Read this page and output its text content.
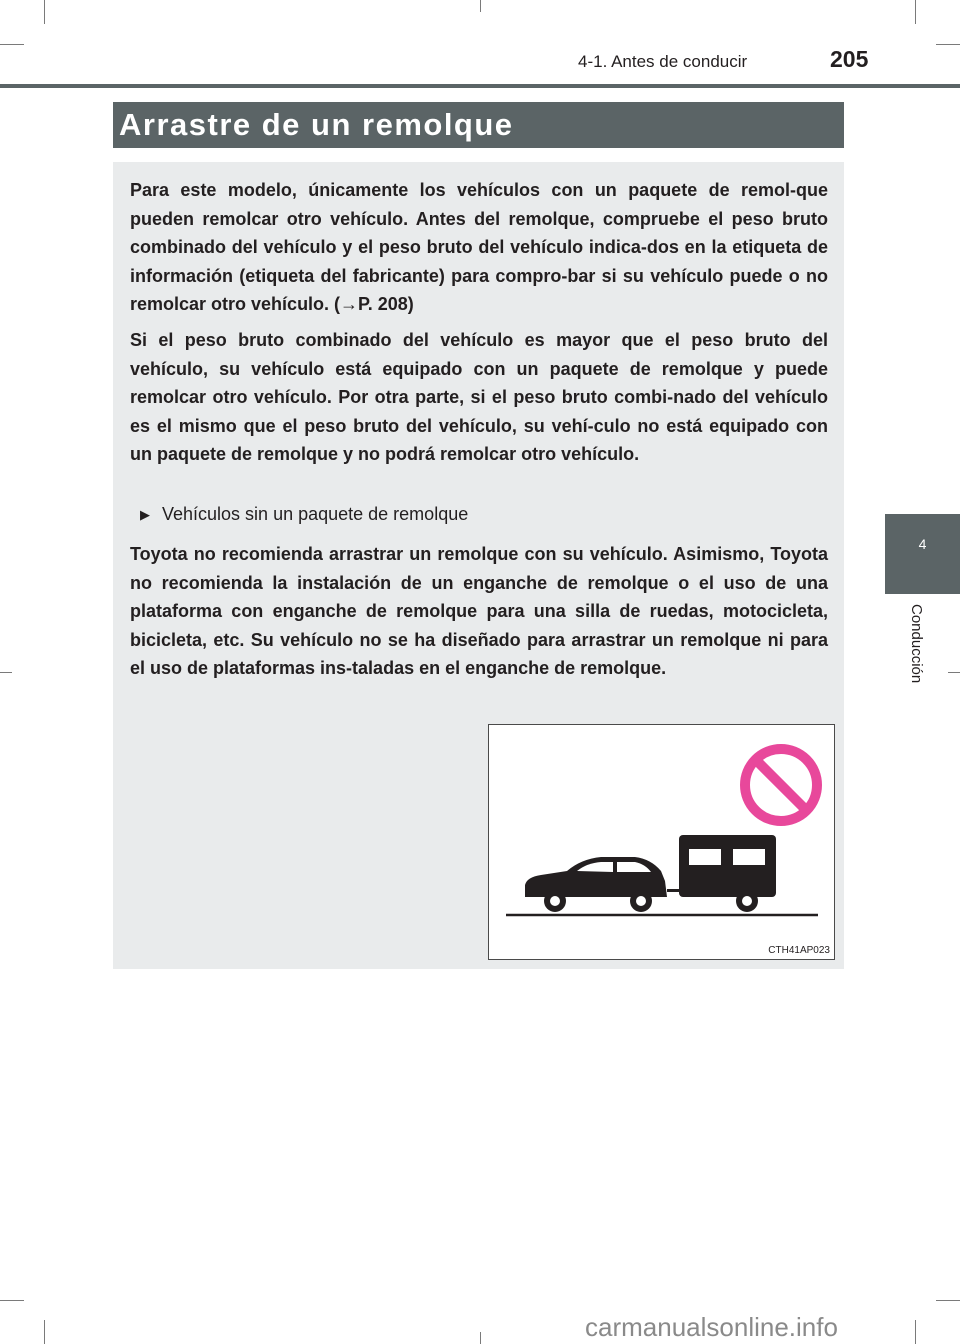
4-1. Antes de conducir	205
Arrastre de un remolque

Para este modelo, únicamente los vehículos con un paquete de remol-que pueden remolcar otro vehículo. Antes del remolque, compruebe el peso bruto combinado del vehículo y el peso bruto del vehículo indica-dos en la etiqueta de información (etiqueta del fabricante) para compro-bar si su vehículo puede o no remolcar otro vehículo. (→P. 208)

Si el peso bruto combinado del vehículo es mayor que el peso bruto del vehículo, su vehículo está equipado con un paquete de remolque y puede remolcar otro vehículo. Por otra parte, si el peso bruto combi-nado del vehículo es el mismo que el peso bruto del vehículo, su vehí-culo no está equipado con un paquete de remolque y no podrá remolcar otro vehículo.

▶ Vehículos sin un paquete de remolque

Toyota no recomienda arrastrar un remolque con su vehículo. Asimismo, Toyota no recomienda la instalación de un enganche de remolque o el uso de una plataforma con enganche de remolque para una silla de ruedas, motocicleta, bicicleta, etc. Su vehículo no se ha diseñado para arrastrar un remolque ni para el uso de plataformas ins-taladas en el enganche de remolque.

CTH41AP023
4
Conducción
carmanualsonline.info
